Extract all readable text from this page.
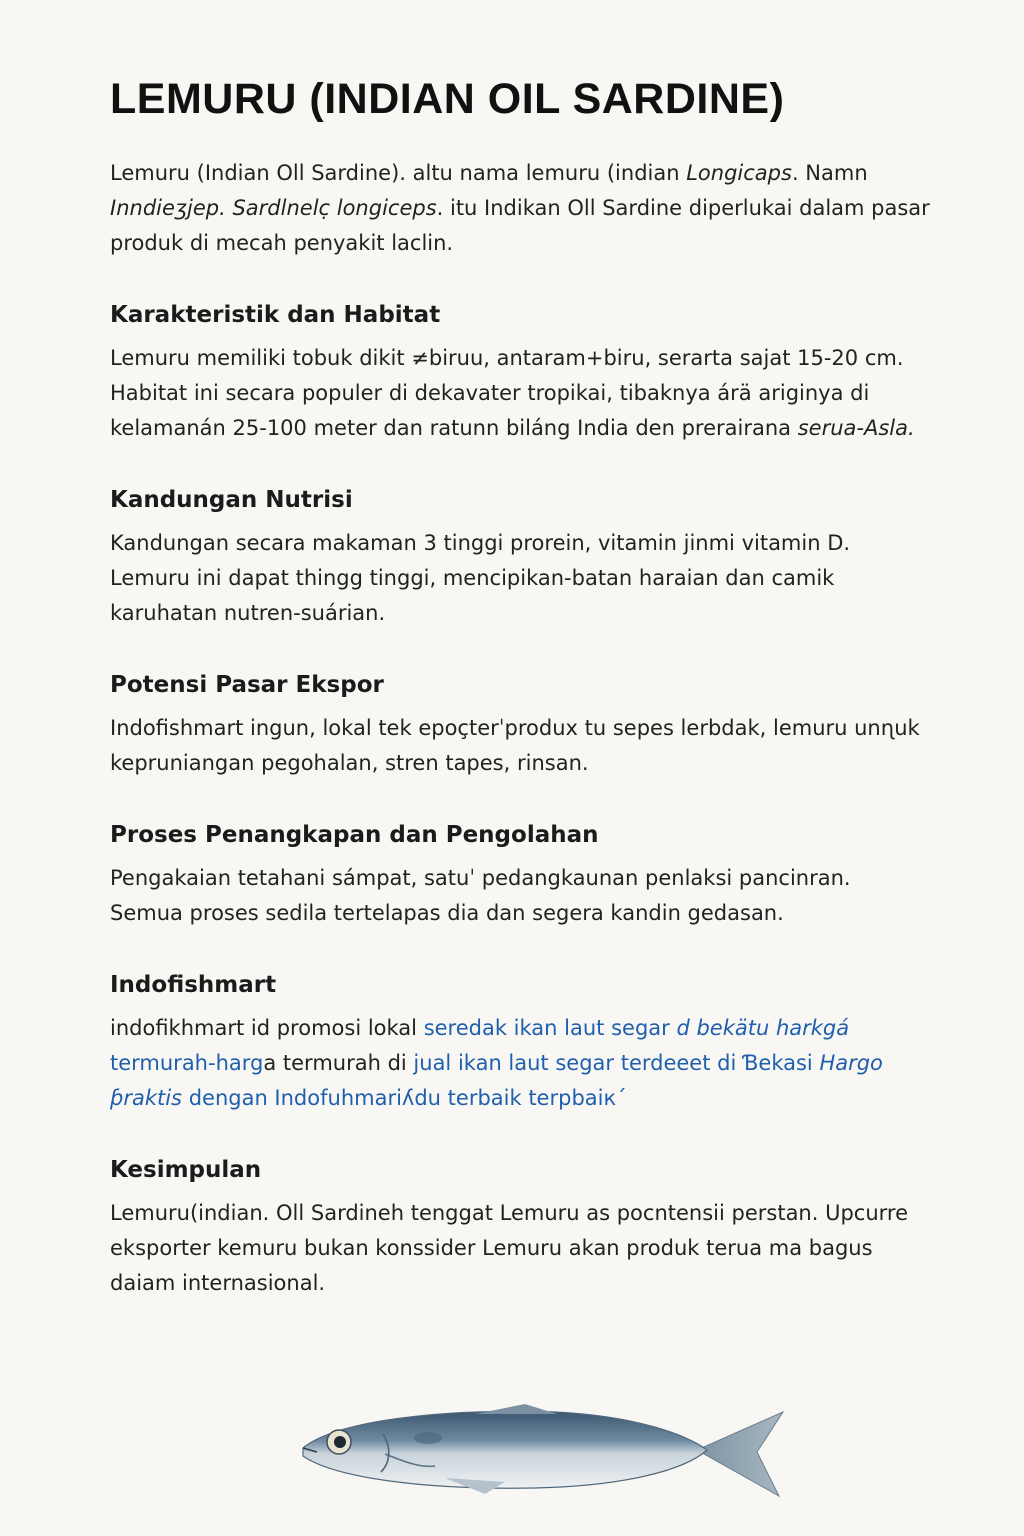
LEMURU (INDIAN OIL SARDINE)

Lemuru (Indian Oll Sardine). altu nama lemuru (indian Longicaps. Namn Inndieʒjep. Sardlnelc̣ longiceps. itu Indikan Oll Sardine diperlukai dalam pasar produk di mecah penyakit laclin.

Karakteristik dan Habitat

Lemuru memiliki tobuk dikit ≠biruu, antaram+biru, serarta sajat 15-20 cm. Habitat ini secara populer di dekavater tropikai, tibaknya árä ariginya di kelamanán 25-100 meter dan ratunn biláng India den prerairana serua-Asla.

Kandungan Nutrisi

Kandungan secara makaman 3 tinggi prorein, vitamin jinmi vitamin D. Lemuru ini dapat thingg tinggi, mencipikan-batan haraian dan camik karuhatan nutren-suárian.

Potensi Pasar Ekspor

Indofishmart ingun, lokal tek epoçterˈproduх tu sepes lerbdak, lemuru unɳuk kepruniangan pegohalan, stren tapes, rinsan.

Proses Penangkapan dan Pengolahan

Pengakaian tetahani sámpat, satuˈ pedangkaunan penlaksi pancinran. Semua proses sedila tertelapas dia dan segera kandin gedasan.

Indofishmart

indofikhmart id promosi lokal seredak ikan laut segar d bekätu harkgá termurah-harga termurah di jual ikan laut segar terdeeet di Ɓekasi Hargo ƥraktis dengan Indofuhmariʎdu terbaik terpbaiкˊ

Kesimpulan

Lemuru(indian. Oll Sardineh tenggat Lemuru as pocntensii perstan. Upcurre eksporter kemuru bukan konssider Lemuru akan produk terua ma bagus daiam internasional.
